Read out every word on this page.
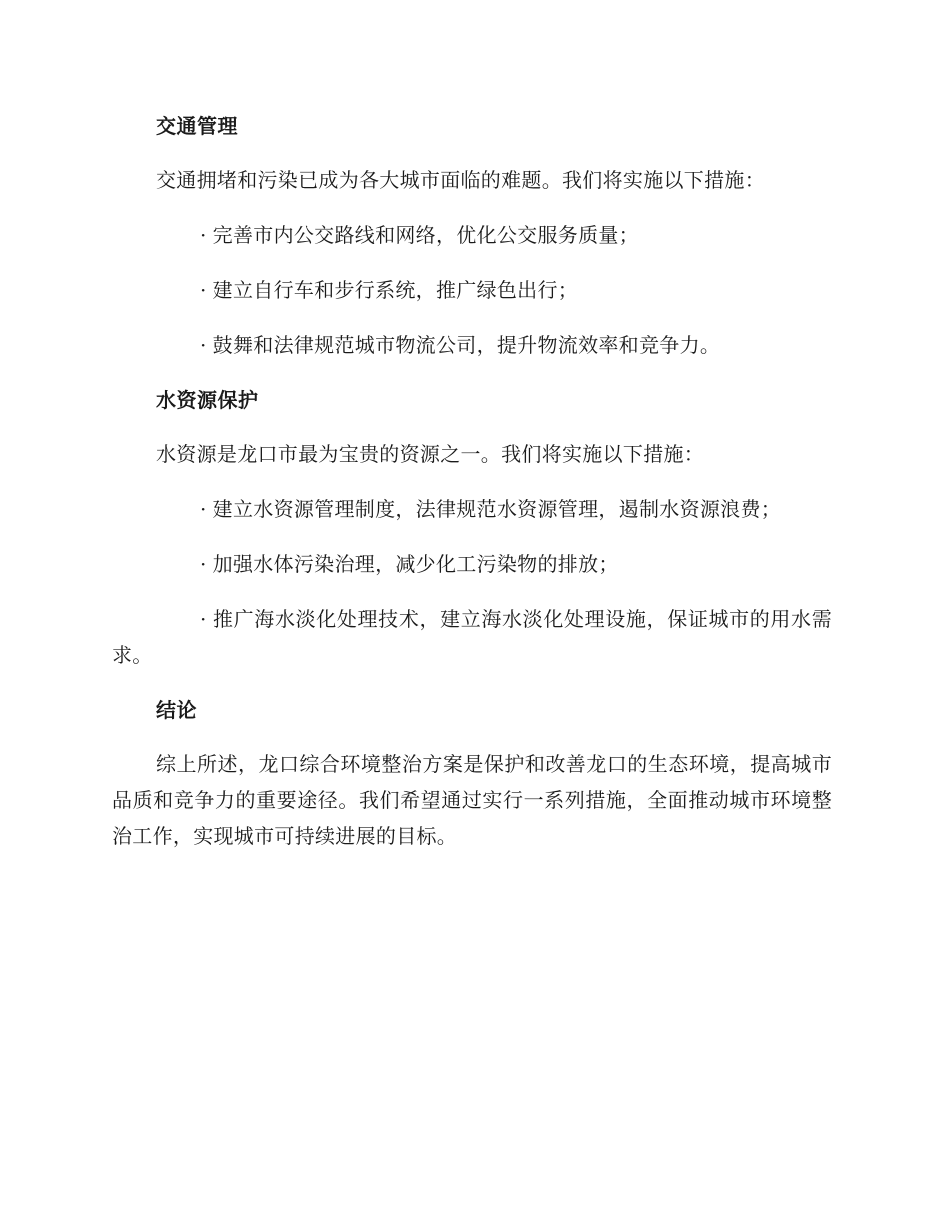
交通管理
交通拥堵和污染已成为各大城市面临的难题。我们将实施以下措施：
· 完善市内公交路线和网络，优化公交服务质量；
· 建立自行车和步行系统，推广绿色出行；
· 鼓舞和法律规范城市物流公司，提升物流效率和竞争力。
水资源保护
水资源是龙口市最为宝贵的资源之一。我们将实施以下措施：
· 建立水资源管理制度，法律规范水资源管理，遏制水资源浪费；
· 加强水体污染治理，减少化工污染物的排放；
· 推广海水淡化处理技术，建立海水淡化处理设施，保证城市的用水需求。
结论
综上所述，龙口综合环境整治方案是保护和改善龙口的生态环境，提高城市品质和竞争力的重要途径。我们希望通过实行一系列措施，全面推动城市环境整治工作，实现城市可持续进展的目标。
